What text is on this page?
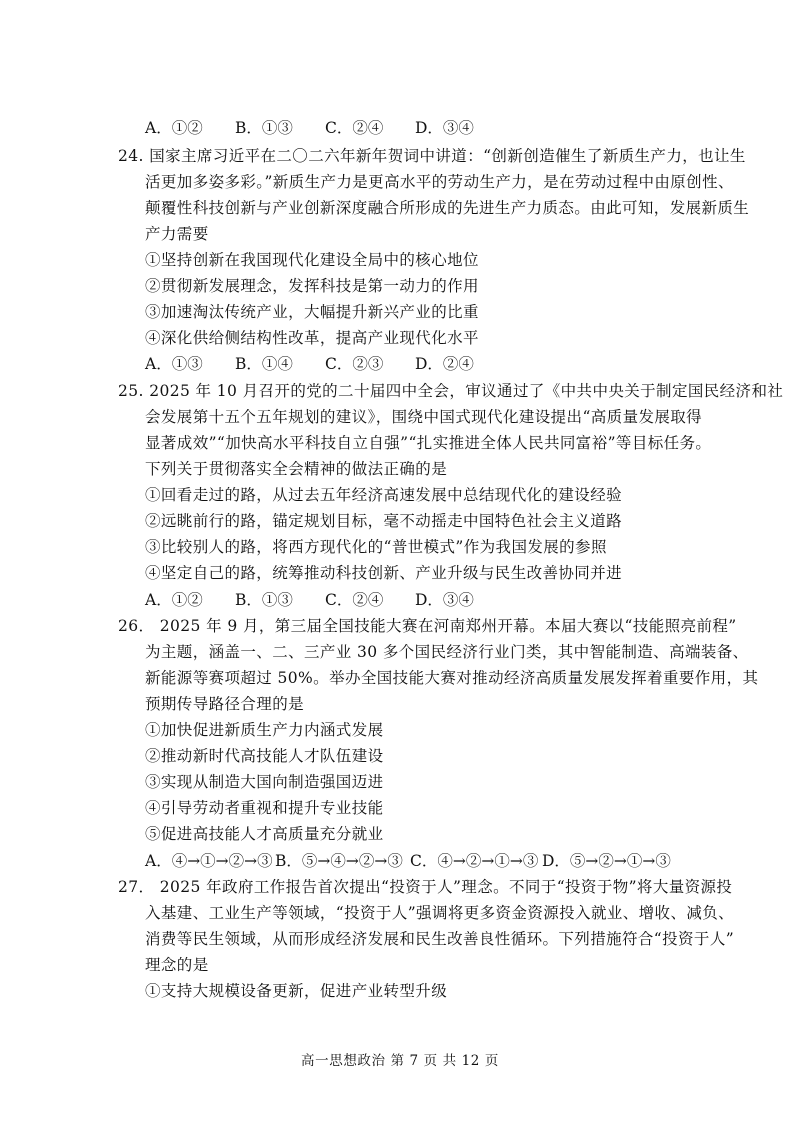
A．①② B．①③ C．②④ D．③④
24. 国家主席习近平在二〇二六年新年贺词中讲道：“创新创造催生了新质生产力，也让生
活更加多姿多彩。”新质生产力是更高水平的劳动生产力，是在劳动过程中由原创性、
颠覆性科技创新与产业创新深度融合所形成的先进生产力质态。由此可知，发展新质生
产力需要
①坚持创新在我国现代化建设全局中的核心地位
②贯彻新发展理念，发挥科技是第一动力的作用
③加速淘汰传统产业，大幅提升新兴产业的比重
④深化供给侧结构性改革，提高产业现代化水平
A．①③ B．①④ C．②③ D．②④
25. 2025 年 10 月召开的党的二十届四中全会，审议通过了《中共中央关于制定国民经济和社
会发展第十五个五年规划的建议》，围绕中国式现代化建设提出“高质量发展取得
显著成效”“加快高水平科技自立自强”“扎实推进全体人民共同富裕”等目标任务。
下列关于贯彻落实全会精神的做法正确的是
①回看走过的路，从过去五年经济高速发展中总结现代化的建设经验
②远眺前行的路，锚定规划目标，毫不动摇走中国特色社会主义道路
③比较别人的路，将西方现代化的“普世模式”作为我国发展的参照
④坚定自己的路，统筹推动科技创新、产业升级与民生改善协同并进
A．①② B．①③ C．②④ D．③④
26． 2025 年 9 月，第三届全国技能大赛在河南郑州开幕。本届大赛以“技能照亮前程”
为主题，涵盖一、二、三产业 30 多个国民经济行业门类，其中智能制造、高端装备、
新能源等赛项超过 50%。举办全国技能大赛对推动经济高质量发展发挥着重要作用，其
预期传导路径合理的是
①加快促进新质生产力内涵式发展
②推动新时代高技能人才队伍建设
③实现从制造大国向制造强国迈进
④引导劳动者重视和提升专业技能
⑤促进高技能人才高质量充分就业
A．④→①→②→③ B．⑤→④→②→③ C．④→②→①→③ D．⑤→②→①→③
27． 2025 年政府工作报告首次提出“投资于人”理念。不同于“投资于物”将大量资源投
入基建、工业生产等领域，“投资于人”强调将更多资金资源投入就业、增收、减负、
消费等民生领域，从而形成经济发展和民生改善良性循环。下列措施符合“投资于人”
理念的是
①支持大规模设备更新，促进产业转型升级
高一思想政治 第 7 页 共 12 页
